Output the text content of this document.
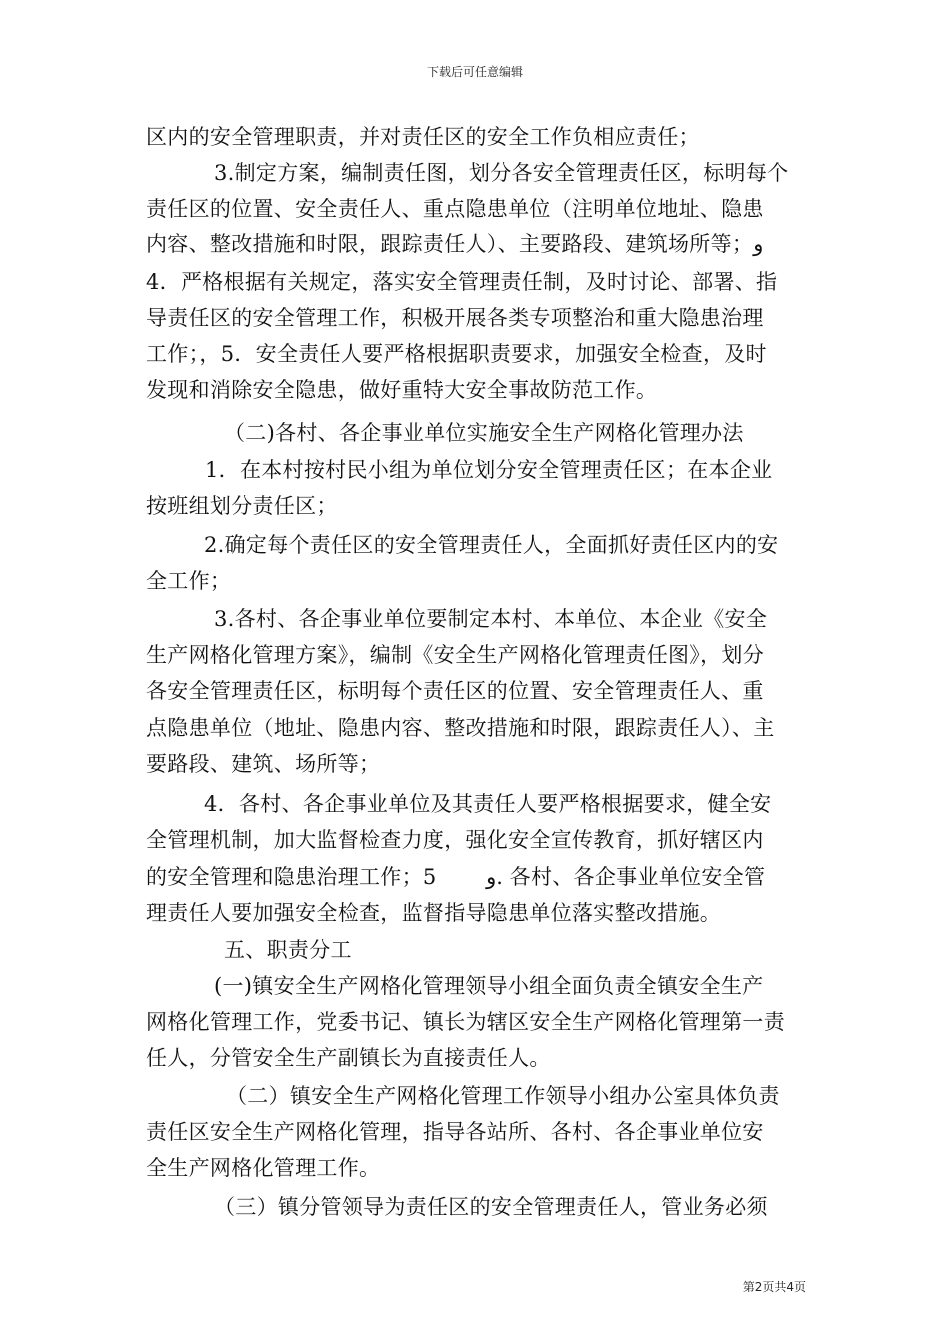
下载后可任意编辑
区内的安全管理职责，并对责任区的安全工作负相应责任；
3.制定方案，编制责任图，划分各安全管理责任区，标明每个
责任区的位置、安全责任人、重点隐患单位（注明单位地址、隐患
内容、整改措施和时限，跟踪责任人）、主要路段、建筑场所等；و
4．严格根据有关规定，落实安全管理责任制，及时讨论、部署、指
导责任区的安全管理工作，积极开展各类专项整治和重大隐患治理
工作；，5．安全责任人要严格根据职责要求，加强安全检查，及时
发现和消除安全隐患，做好重特大安全事故防范工作。
（二)各村、各企事业单位实施安全生产网格化管理办法
1．在本村按村民小组为单位划分安全管理责任区；在本企业
按班组划分责任区；
2.确定每个责任区的安全管理责任人，全面抓好责任区内的安
全工作；
3.各村、各企事业单位要制定本村、本单位、本企业《安全
生产网格化管理方案》，编制《安全生产网格化管理责任图》，划分
各安全管理责任区，标明每个责任区的位置、安全管理责任人、重
点隐患单位（地址、隐患内容、整改措施和时限，跟踪责任人）、主
要路段、建筑、场所等；
4．各村、各企事业单位及其责任人要严格根据要求，健全安
全管理机制，加大监督检查力度，强化安全宣传教育，抓好辖区内
的安全管理和隐患治理工作；5　　 و. 各村、各企事业单位安全管
理责任人要加强安全检查，监督指导隐患单位落实整改措施。
五、职责分工
(一)镇安全生产网格化管理领导小组全面负责全镇安全生产
网格化管理工作，党委书记、镇长为辖区安全生产网格化管理第一责
任人，分管安全生产副镇长为直接责任人。
（二）镇安全生产网格化管理工作领导小组办公室具体负责
责任区安全生产网格化管理，指导各站所、各村、各企事业单位安
全生产网格化管理工作。
（三）镇分管领导为责任区的安全管理责任人，管业务必须
第2页共4页
